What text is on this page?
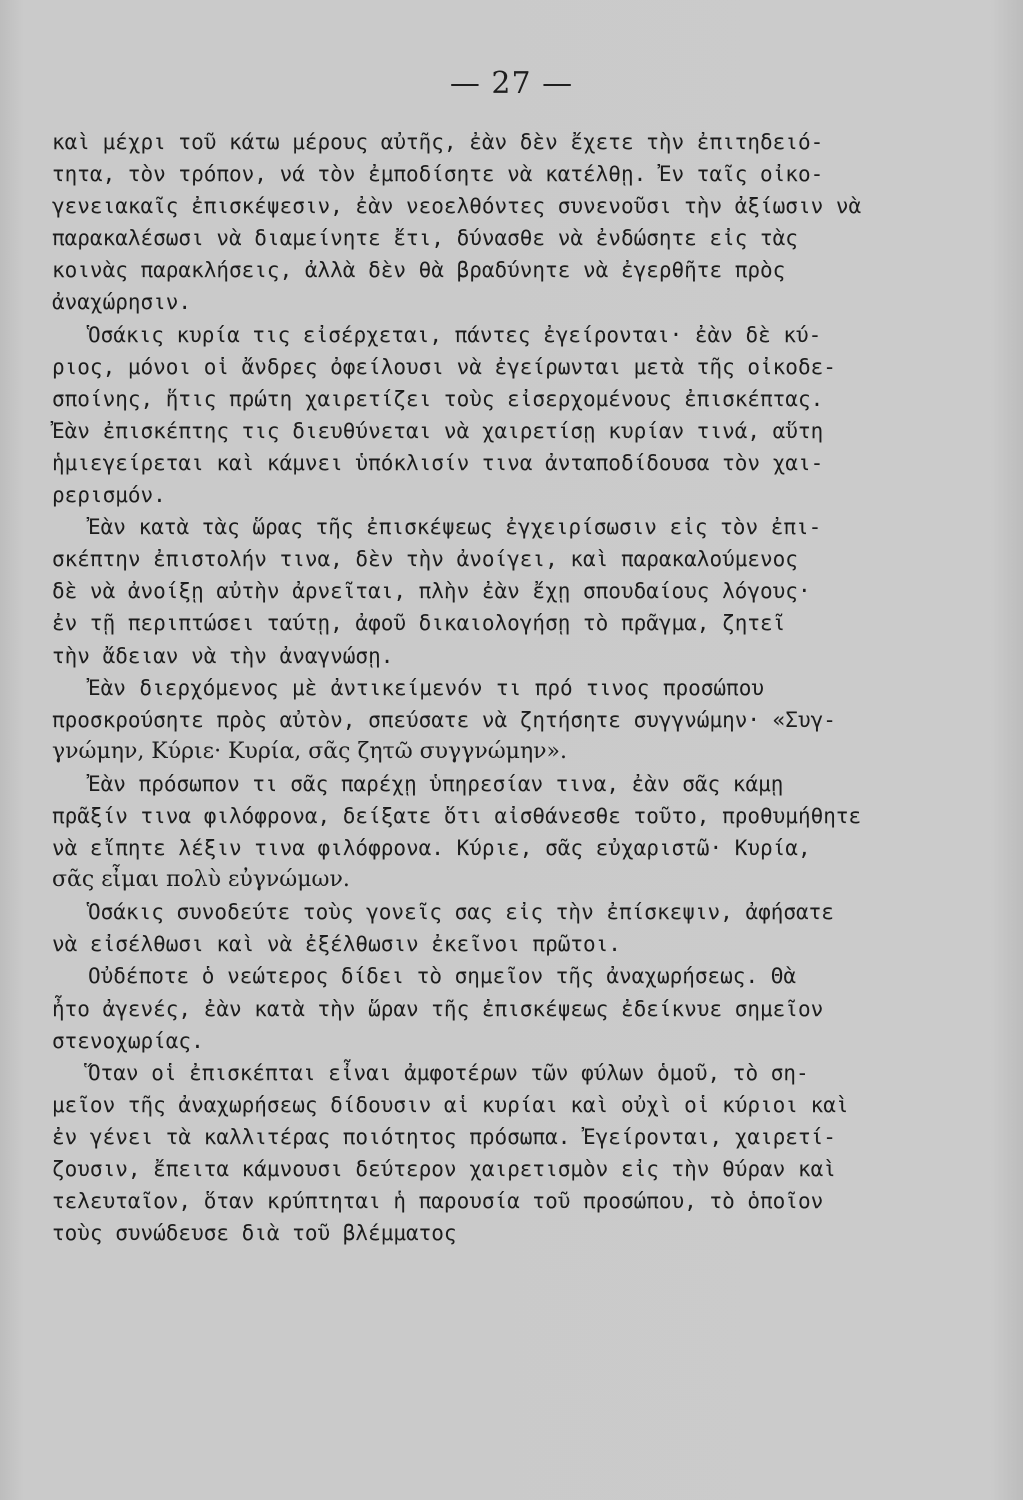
— 27 —
καὶ μέχρι τοῦ κάτω μέρους αὐτῆς, ἐὰν δὲν ἔχετε τὴν ἐπιτηδειό-
τητα, τὸν τρόπον, νά τὸν ἐμποδίσητε νὰ κατέλθῃ. Ἐν ταῖς οἰκο-
γενειακαῖς ἐπισκέψεσιν, ἐὰν νεοελθόντες συνενοῦσι τὴν ἀξίωσιν νὰ
παρακαλέσωσι νὰ διαμείνητε ἔτι, δύνασθε νὰ ἐνδώσητε εἰς τὰς
κοινὰς παρακλήσεις, ἀλλὰ δὲν θὰ βραδύνητε νὰ ἐγερθῆτε πρὸς
ἀναχώρησιν.
Ὁσάκις κυρία τις εἰσέρχεται, πάντες ἐγείρονται· ἐὰν δὲ κύ-
ριος, μόνοι οἱ ἄνδρες ὀφείλουσι νὰ ἐγείρωνται μετὰ τῆς οἰκοδε-
σποίνης, ἥτις πρώτη χαιρετίζει τοὺς εἰσερχομένους ἐπισκέπτας.
Ἐὰν ἐπισκέπτης τις διευθύνεται νὰ χαιρετίσῃ κυρίαν τινά, αὕτη
ἡμιεγείρεται καὶ κάμνει ὑπόκλισίν τινα ἀνταποδίδουσα τὸν χαι-
ρερισμόν.
Ἐὰν κατὰ τὰς ὥρας τῆς ἐπισκέψεως ἐγχειρίσωσιν εἰς τὸν ἐπι-
σκέπτην ἐπιστολήν τινα, δὲν τὴν ἀνοίγει, καὶ παρακαλούμενος
δὲ νὰ ἀνοίξῃ αὐτὴν ἀρνεῖται, πλὴν ἐὰν ἔχῃ σπουδαίους λόγους·
ἐν τῇ περιπτώσει ταύτῃ, ἀφοῦ δικαιολογήσῃ τὸ πρᾶγμα, ζητεῖ
τὴν ἄδειαν νὰ τὴν ἀναγνώσῃ.
Ἐὰν διερχόμενος μὲ ἀντικείμενόν τι πρό τινος προσώπου
προσκρούσητε πρὸς αὐτὸν, σπεύσατε νὰ ζητήσητε συγγνώμην· «Συγ-
γνώμην, Κύριε· Κυρία, σᾶς ζητῶ συγγνώμην».
Ἐὰν πρόσωπον τι σᾶς παρέχῃ ὑπηρεσίαν τινα, ἐὰν σᾶς κάμῃ
πρᾶξίν τινα φιλόφρονα, δείξατε ὅτι αἰσθάνεσθε τοῦτο, προθυμήθητε
νὰ εἴπητε λέξιν τινα φιλόφρονα. Κύριε, σᾶς εὐχαριστῶ· Κυρία,
σᾶς εἶμαι πολὺ εὐγνώμων.
Ὁσάκις συνοδεύτε τοὺς γονεῖς σας εἰς τὴν ἐπίσκεψιν, ἀφήσατε
νὰ εἰσέλθωσι καὶ νὰ ἐξέλθωσιν ἐκεῖνοι πρῶτοι.
Οὐδέποτε ὁ νεώτερος δίδει τὸ σημεῖον τῆς ἀναχωρήσεως. Θὰ
ἦτο ἀγενές, ἐὰν κατὰ τὴν ὥραν τῆς ἐπισκέψεως ἐδείκνυε σημεῖον
στενοχωρίας.
Ὅταν οἱ ἐπισκέπται εἶναι ἀμφοτέρων τῶν φύλων ὁμοῦ, τὸ ση-
μεῖον τῆς ἀναχωρήσεως δίδουσιν αἱ κυρίαι καὶ οὐχὶ οἱ κύριοι καὶ
ἐν γένει τὰ καλλιτέρας ποιότητος πρόσωπα. Ἐγείρονται, χαιρετί-
ζουσιν, ἔπειτα κάμνουσι δεύτερον χαιρετισμὸν εἰς τὴν θύραν καὶ
τελευταῖον, ὅταν κρύπτηται ἡ παρουσία τοῦ προσώπου, τὸ ὁποῖον
τοὺς συνώδευσε διὰ τοῦ βλέμματος
